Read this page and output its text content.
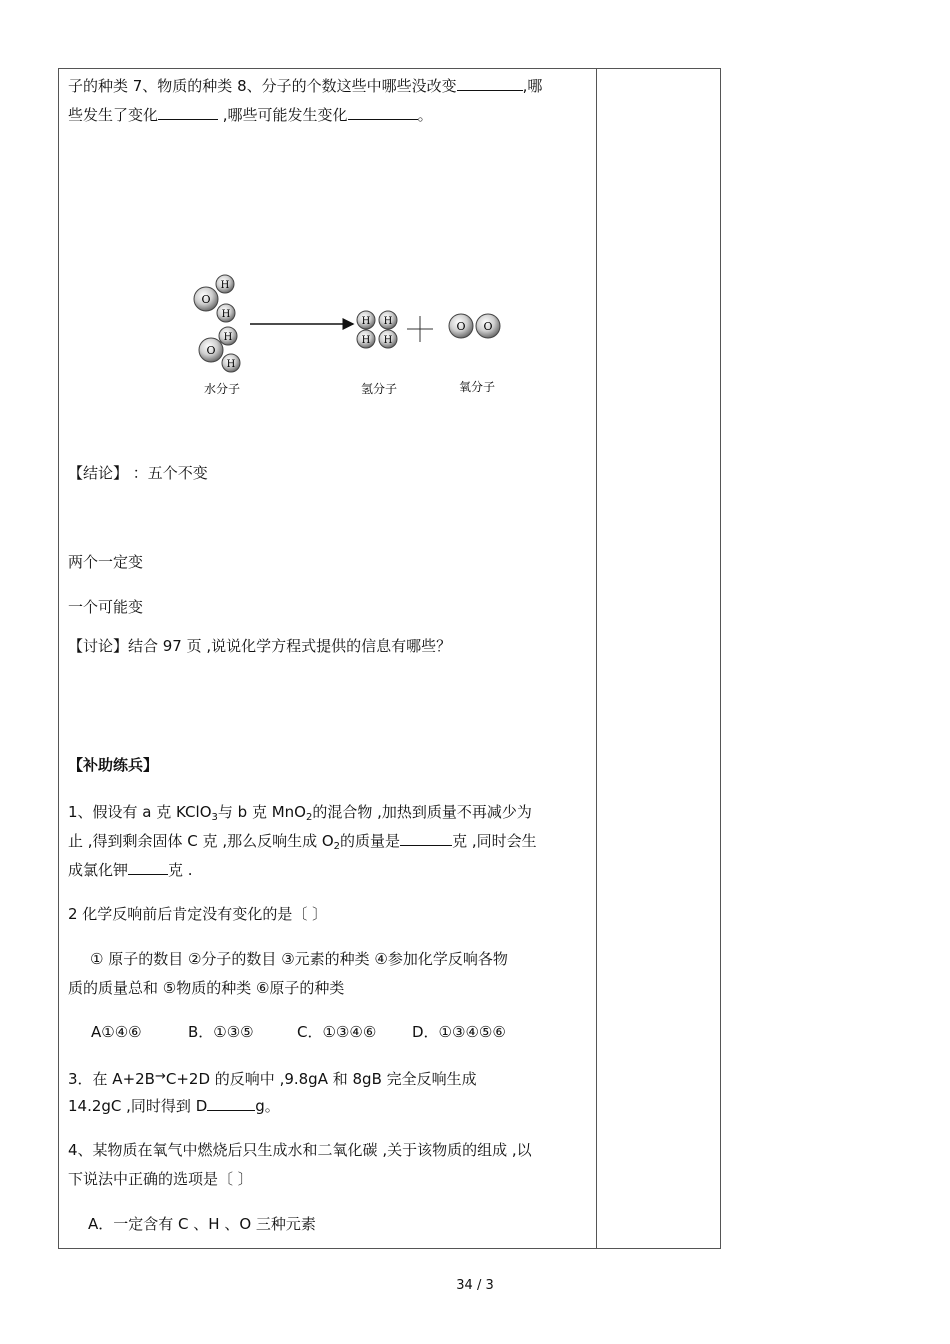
子的种类 7、物质的种类 8、分子的个数这些中哪些没改变	,哪
些发生了变化	,哪些可能发生变化	。
O
H
H
O
H
H
H H
H H
O O
水分子	氢分子	氧分子
【结论】 ：五个不变
两个一定变
一个可能变
【讨论】结合 97 页 ,说说化学方程式提供的信息有哪些？
【补助练兵】
1、假设有 a 克 KClO$_3$与 b 克 MnO$_2$的混合物 ,加热到质量不再减少为
止 ,得到剩余固体 C 克 ,那么反响生成 $O_2$的质量是	克 ,同时会生
成氯化钾	克 .
2 化学反响前后肯定没有变化的是〔 〕
① 原子的数目 ②分子的数目 ③元素的种类 ④参加化学反响各物
质的质量总和 ⑤物质的种类 ⑥原子的种类
A①④⑥	B．①③⑤	C．①③④⑥ D．①③④⑤⑥
3．在 A+2B→C+2D 的反响中 ,9.8gA 和 8gB 完全反响生成
14.2gC ,同时得到 D	g。
4、某物质在氧气中燃烧后只生成水和二氧化碳 ,关于该物质的组成 ,以
下说法中正确的选项是〔 〕
A．一定含有 C 、H 、O 三种元素
34 / 3
